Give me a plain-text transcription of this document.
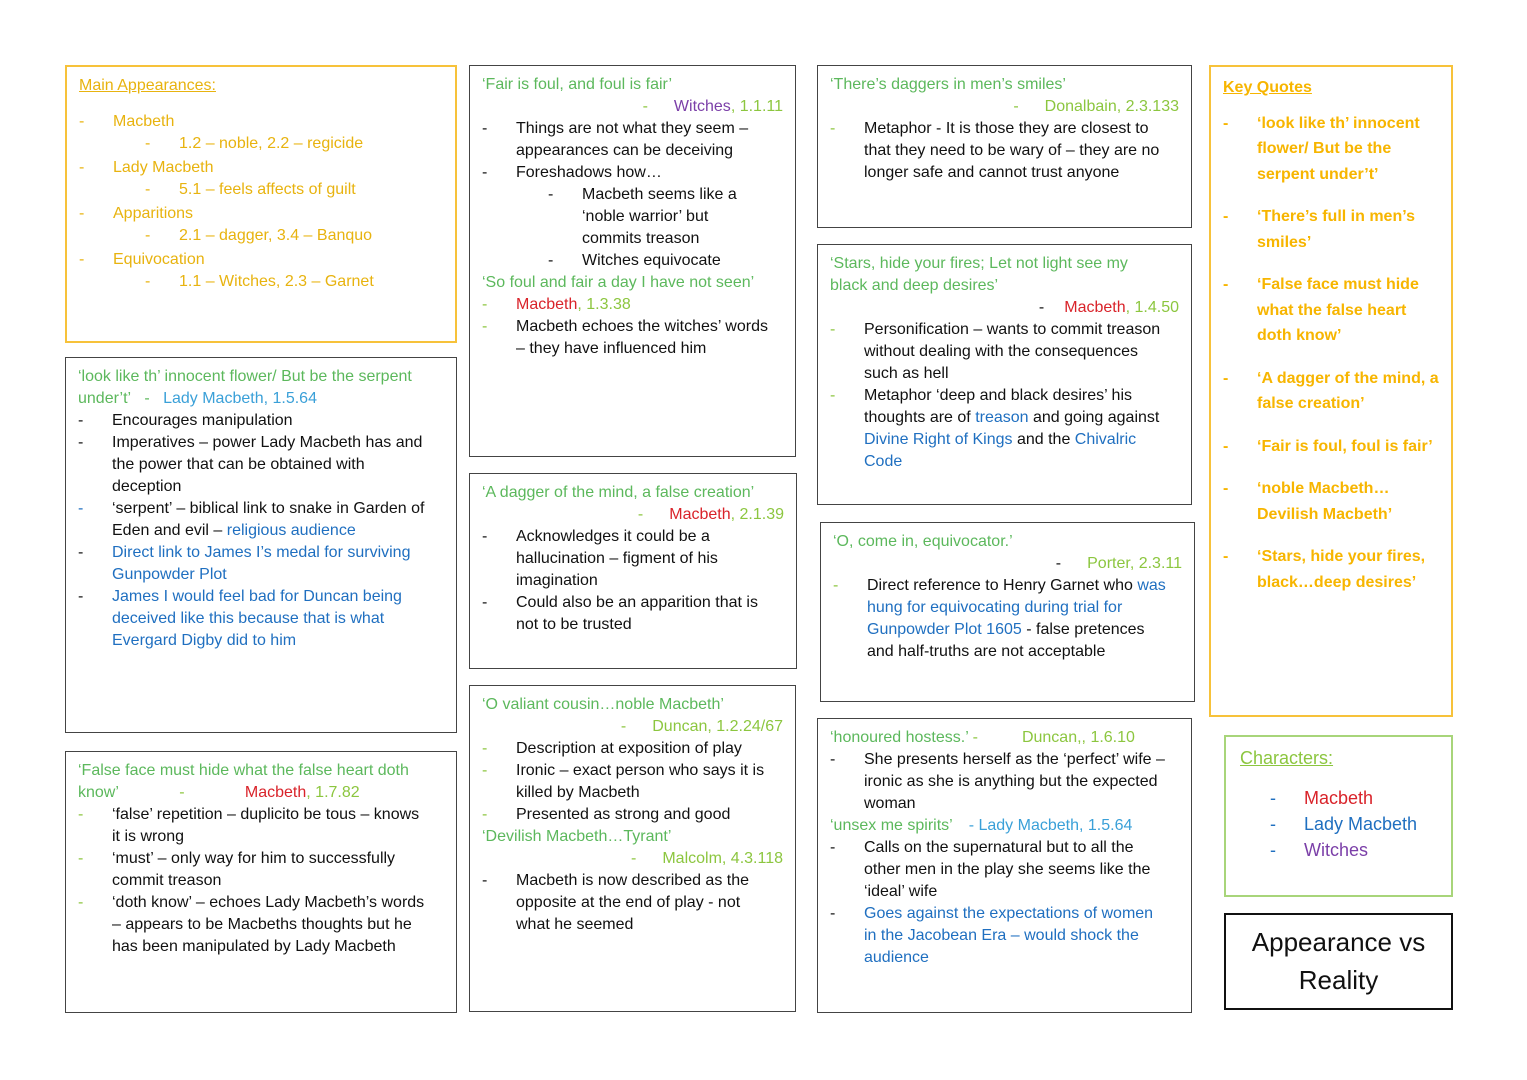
Main Appearances:
- Macbeth
- 1.2 – noble, 2.2 – regicide
- Lady Macbeth
- 5.1 – feels affects of guilt
- Apparitions
- 2.1 – dagger, 3.4 – Banquo
- Equivocation
- 1.1 – Witches, 2.3 – Garnet
‘look like th’ innocent flower/ But be the serpent
under’t’ - Lady Macbeth, 1.5.64
- Encourages manipulation
- Imperatives – power Lady Macbeth has and
the power that can be obtained with
deception
- ‘serpent’ – biblical link to snake in Garden of
Eden and evil – religious audience
- Direct link to James I’s medal for surviving
Gunpowder Plot
- James I would feel bad for Duncan being
deceived like this because that is what
Evergard Digby did to him
‘False face must hide what the false heart doth
know’	-	Macbeth, 1.7.82
- ‘false’ repetition – duplicito be tous – knows
it is wrong
- ‘must’ – only way for him to successfully
commit treason
- ‘doth know’ – echoes Lady Macbeth’s words
– appears to be Macbeths thoughts but he
has been manipulated by Lady Macbeth
‘Fair is foul, and foul is fair’
- Witches, 1.1.11
- Things are not what they seem –
appearances can be deceiving
- Foreshadows how…
- Macbeth seems like a
‘noble warrior’ but
commits treason
- Witches equivocate
‘So foul and fair a day I have not seen’
- Macbeth, 1.3.38
- Macbeth echoes the witches’ words
– they have influenced him
‘A dagger of the mind, a false creation’
- Macbeth, 2.1.39
- Acknowledges it could be a
hallucination – figment of his
imagination
- Could also be an apparition that is
not to be trusted
‘O valiant cousin…noble Macbeth’
- Duncan, 1.2.24/67
- Description at exposition of play
- Ironic – exact person who says it is
killed by Macbeth
- Presented as strong and good
‘Devilish Macbeth…Tyrant’
- Malcolm, 4.3.118
- Macbeth is now described as the
opposite at the end of play - not
what he seemed
‘There’s daggers in men’s smiles’
- Donalbain, 2.3.133
- Metaphor - It is those they are closest to
that they need to be wary of – they are no
longer safe and cannot trust anyone
‘Stars, hide your fires; Let not light see my
black and deep desires’
- Macbeth, 1.4.50
- Personification – wants to commit treason
without dealing with the consequences
such as hell
- Metaphor ‘deep and black desires’ his
thoughts are of treason and going against
Divine Right of Kings and the Chivalric
Code
‘O, come in, equivocator.’
- Porter, 2.3.11
- Direct reference to Henry Garnet who was
hung for equivocating during trial for
Gunpowder Plot 1605 - false pretences
and half-truths are not acceptable
‘honoured hostess.’ -	Duncan,, 1.6.10
- She presents herself as the ‘perfect’ wife –
ironic as she is anything but the expected
woman
‘unsex me spirits’ - Lady Macbeth, 1.5.64
- Calls on the supernatural but to all the
other men in the play she seems like the
‘ideal’ wife
- Goes against the expectations of women
in the Jacobean Era – would shock the
audience
Key Quotes
- ‘look like th’ innocent
flower/ But be the
serpent under’t’
- ‘There’s full in men’s
smiles’
- ‘False face must hide
what the false heart
doth know’
- ‘A dagger of the mind, a
false creation’
- ‘Fair is foul, foul is fair’
- ‘noble Macbeth…
Devilish Macbeth’
- ‘Stars, hide your fires,
black…deep desires’
Characters:
- Macbeth
- Lady Macbeth
- Witches
Appearance vs
Reality
